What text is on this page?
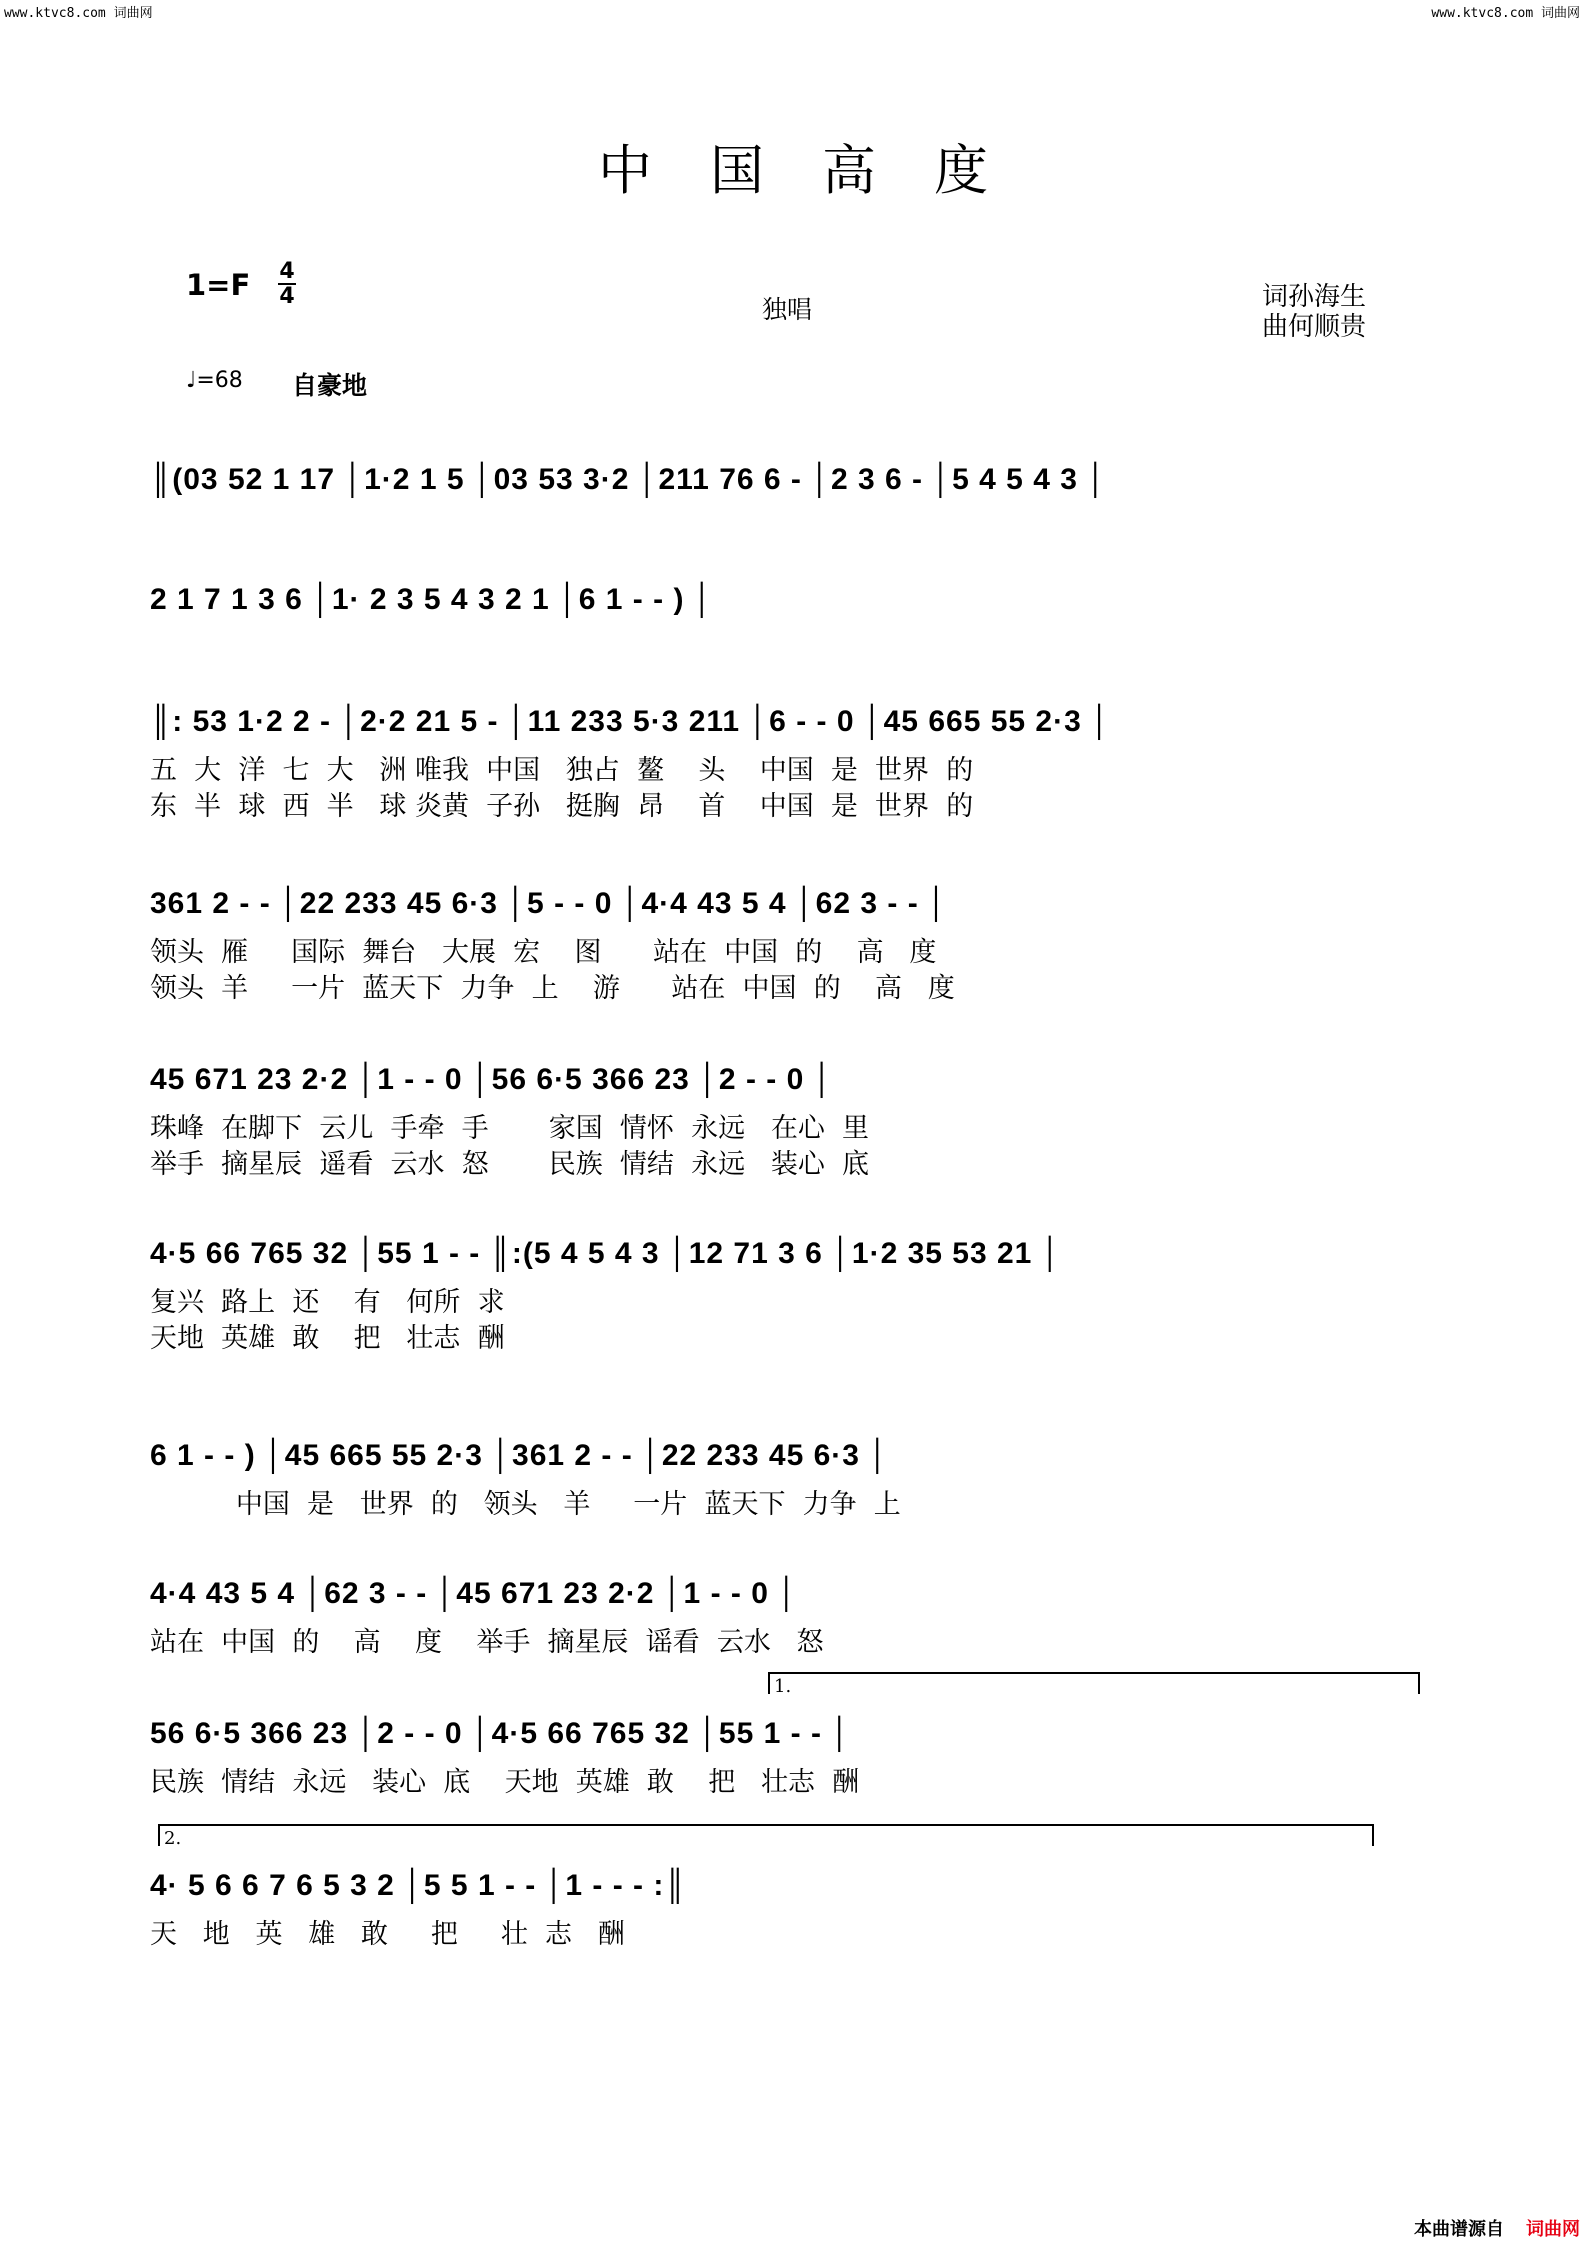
www.ktvc8.com 词曲网	www.ktvc8.com 词曲网
中国高度
1=F 4
4	独唱	词孙海生
曲何顺贵
♩=68 自豪地
║(03 52 1 17 │1·2 1 5 │03 53 3·2 │211 76 6 - │2 3 6 - │5 4 5 4 3 │
2 1 7 1 3 6 │1· 2 3 5 4 3 2 1 │6 1 - - ) │
║: 53 1·2 2 - │2·2 21 5 - │11 233 5·3 211 │6 - - 0 │45 665 55 2·3 │
五  大  洋  七  大   洲 唯我  中国   独占  鳌    头    中国  是  世界  的
东  半  球  西  半   球 炎黄  子孙   挺胸  昂    首    中国  是  世界  的
361 2 - - │22 233 45 6·3 │5 - - 0 │4·4 43 5 4 │62 3 - - │
领头  雁     国际  舞台   大展  宏    图      站在  中国  的    高   度
领头  羊     一片  蓝天下  力争  上    游      站在  中国  的    高   度
45 671 23 2·2 │1 - - 0 │56 6·5 366 23 │2 - - 0 │
珠峰  在脚下  云儿  手牵  手       家国  情怀  永远   在心  里
举手  摘星辰  遥看  云水  怒       民族  情结  永远   装心  底
4·5 66 765 32 │55 1 - - ║:(5 4 5 4 3 │12 71 3 6 │1·2 35 53 21 │
复兴  路上  还    有   何所  求
天地  英雄  敢    把   壮志  酬
6 1 - - ) │45 665 55 2·3 │361 2 - - │22 233 45 6·3 │
中国  是   世界  的   领头   羊     一片  蓝天下  力争  上
4·4 43 5 4 │62 3 - - │45 671 23 2·2 │1 - - 0 │
站在  中国  的    高    度    举手  摘星辰  谣看  云水   怒
1.
56 6·5 366 23 │2 - - 0 │4·5 66 765 32 │55 1 - - │
民族  情结  永远   装心  底    天地  英雄  敢    把   壮志  酬
2.
4· 5 6 6 7 6 5 3 2 │5 5 1 - - │1 - - - :║
天   地   英   雄   敢     把     壮  志   酬
本曲谱源自 词曲网
